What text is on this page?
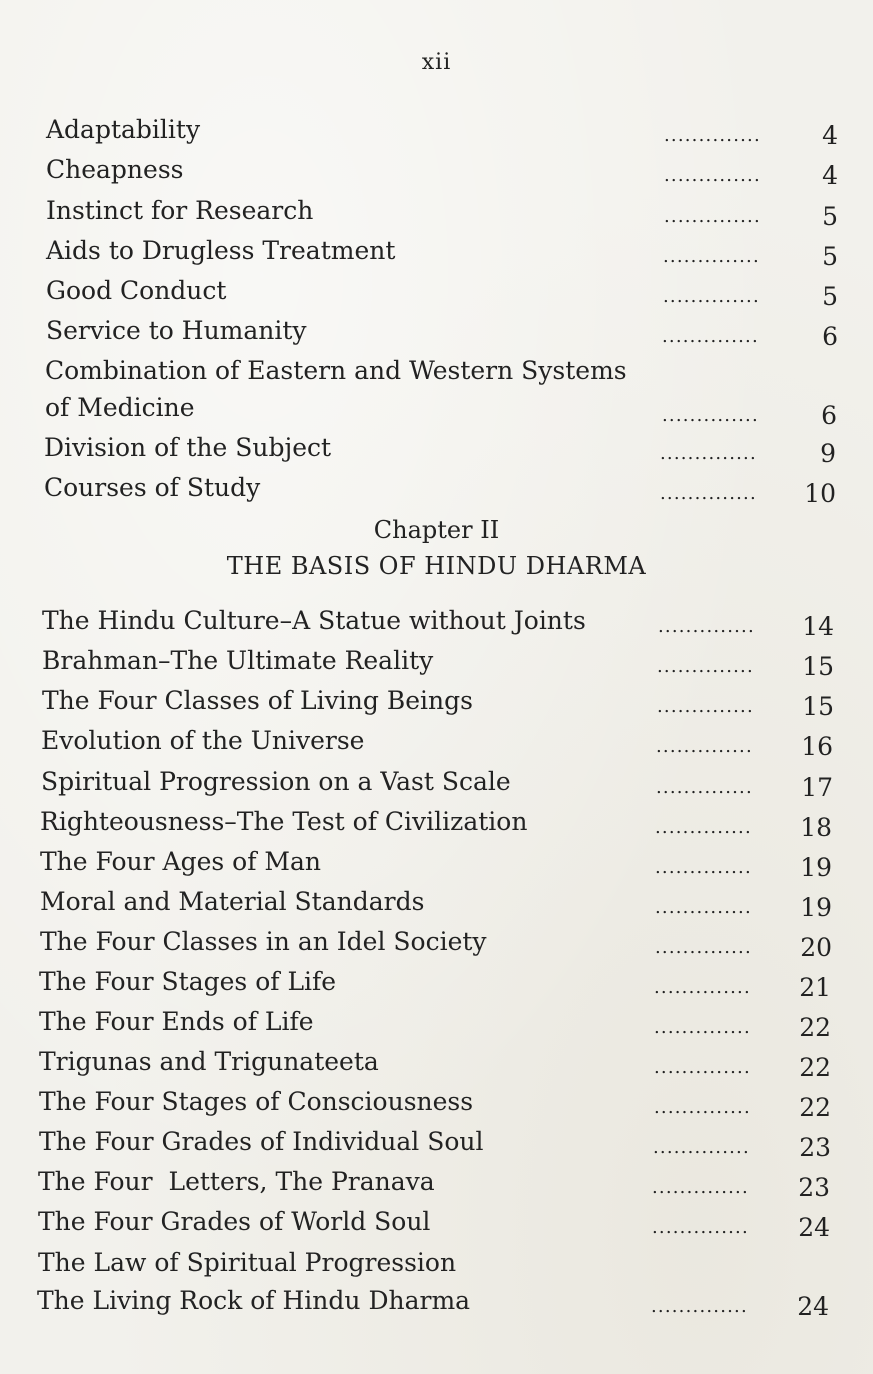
xii
Adaptability	..............	4
Cheapness	..............	4
Instinct for Research	..............	5
Aids to Drugless Treatment	..............	5
Good Conduct	..............	5
Service to Humanity	..............	6
Combination of Eastern and Western Systems of Medicine	..............	6
Division of the Subject	..............	9
Courses of Study	..............	10
Chapter II
THE BASIS OF HINDU DHARMA
The Hindu Culture–A Statue without Joints	..............	14
Brahman–The Ultimate Reality	..............	15
The Four Classes of Living Beings	..............	15
Evolution of the Universe	..............	16
Spiritual Progression on a Vast Scale	..............	17
Righteousness–The Test of Civilization	..............	18
The Four Ages of Man	..............	19
Moral and Material Standards	..............	19
The Four Classes in an Idel Society	..............	20
The Four Stages of Life	..............	21
The Four Ends of Life	..............	22
Trigunas and Trigunateeta	..............	22
The Four Stages of Consciousness	..............	22
The Four Grades of Individual Soul	..............	23
The Four  Letters, The Pranava	..............	23
The Four Grades of World Soul	..............	24
The Law of Spiritual Progression
The Living Rock of Hindu Dharma	..............	24
